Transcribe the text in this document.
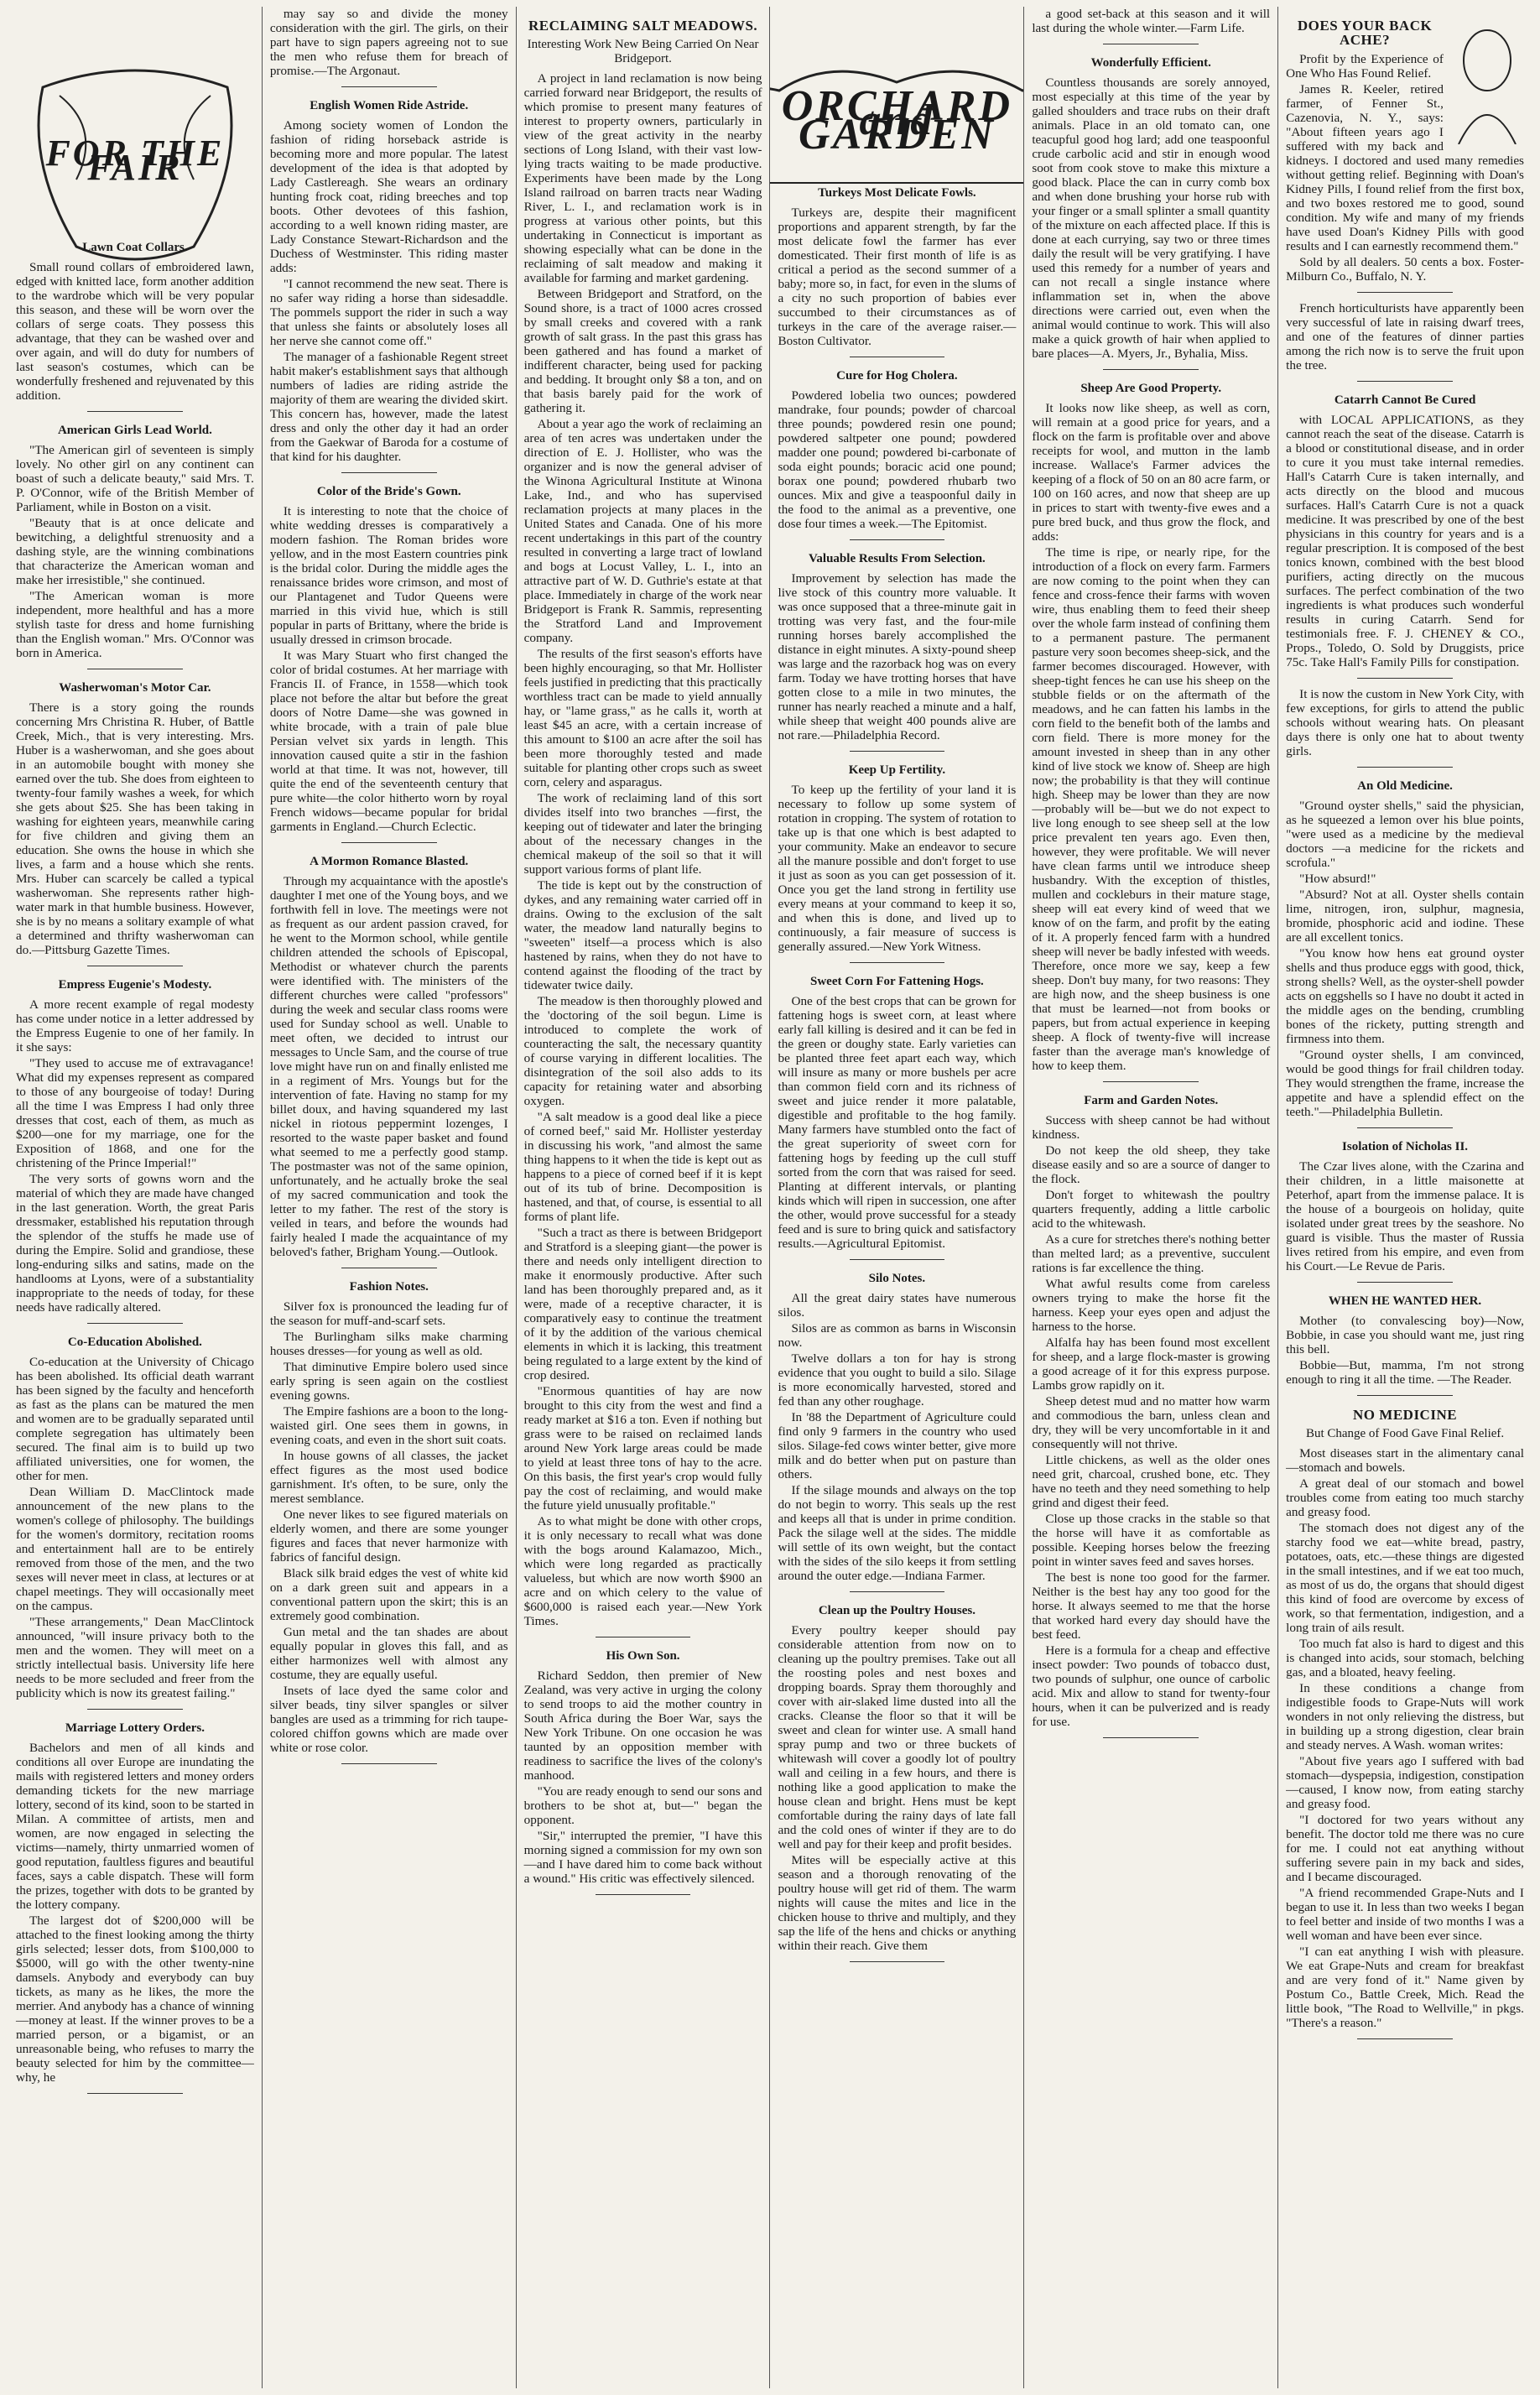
FOR THE FAIR
Lawn Coat Collars.

Small round collars of embroidered lawn, edged with knitted lace, form another addition to the wardrobe which will be very popular this season, and these will be worn over the collars of serge coats. They possess this advantage, that they can be washed over and over again, and will do duty for numbers of last season's costumes, which can be wonderfully freshened and rejuvenated by this addition.

American Girls Lead World.

"The American girl of seventeen is simply lovely. No other girl on any continent can boast of such a delicate beauty," said Mrs. T. P. O'Connor, wife of the British Member of Parliament, while in Boston on a visit.

"Beauty that is at once delicate and bewitching, a delightful strenuosity and a dashing style, are the winning combinations that characterize the American woman and make her irresistible," she continued.

"The American woman is more independent, more healthful and has a more stylish taste for dress and home furnishing than the English woman." Mrs. O'Connor was born in America.

Washerwoman's Motor Car.

There is a story going the rounds concerning Mrs Christina R. Huber, of Battle Creek, Mich., that is very interesting. Mrs. Huber is a washerwoman, and she goes about in an automobile bought with money she earned over the tub. She does from eighteen to twenty-four family washes a week, for which she gets about $25. She has been taking in washing for eighteen years, meanwhile caring for five children and giving them an education. She owns the house in which she lives, a farm and a house which she rents. Mrs. Huber can scarcely be called a typical washerwoman. She represents rather high-water mark in that humble business. However, she is by no means a solitary example of what a determined and thrifty washerwoman can do.—Pittsburg Gazette Times.

Empress Eugenie's Modesty.

A more recent example of regal modesty has come under notice in a letter addressed by the Empress Eugenie to one of her family. In it she says:

"They used to accuse me of extravagance! What did my expenses represent as compared to those of any bourgeoise of today! During all the time I was Empress I had only three dresses that cost, each of them, as much as $200—one for my marriage, one for the Exposition of 1868, and one for the christening of the Prince Imperial!"

The very sorts of gowns worn and the material of which they are made have changed in the last generation. Worth, the great Paris dressmaker, established his reputation through the splendor of the stuffs he made use of during the Empire. Solid and grandiose, these long-enduring silks and satins, made on the handlooms at Lyons, were of a substantiality inappropriate to the needs of today, for these needs have radically altered.

Co-Education Abolished.

Co-education at the University of Chicago has been abolished. Its official death warrant has been signed by the faculty and henceforth as fast as the plans can be matured the men and women are to be gradually separated until complete segregation has ultimately been secured. The final aim is to build up two affiliated universities, one for women, the other for men.

Dean William D. MacClintock made announcement of the new plans to the women's college of philosophy. The buildings for the women's dormitory, recitation rooms and entertainment hall are to be entirely removed from those of the men, and the two sexes will never meet in class, at lectures or at chapel meetings. They will occasionally meet on the campus.

"These arrangements," Dean MacClintock announced, "will insure privacy both to the men and the women. They will meet on a strictly intellectual basis. University life here needs to be more secluded and freer from the publicity which is now its greatest failing."

Marriage Lottery Orders.

Bachelors and men of all kinds and conditions all over Europe are inundating the mails with registered letters and money orders demanding tickets for the new marriage lottery, second of its kind, soon to be started in Milan. A committee of artists, men and women, are now engaged in selecting the victims—namely, thirty unmarried women of good reputation, faultless figures and beautiful faces, says a cable dispatch. These will form the prizes, together with dots to be granted by the lottery company.

The largest dot of $200,000 will be attached to the finest looking among the thirty girls selected; lesser dots, from $100,000 to $5000, will go with the other twenty-nine damsels. Anybody and everybody can buy tickets, as many as he likes, the more the merrier. And anybody has a chance of winning—money at least. If the winner proves to be a married person, or a bigamist, or an unreasonable being, who refuses to marry the beauty selected for him by the committee—why, he

may say so and divide the money consideration with the girl. The girls, on their part have to sign papers agreeing not to sue the men who refuse them for breach of promise.—The Argonaut.

English Women Ride Astride.

Among society women of London the fashion of riding horseback astride is becoming more and more popular. The latest development of the idea is that adopted by Lady Castlereagh. She wears an ordinary hunting frock coat, riding breeches and top boots. Other devotees of this fashion, according to a well known riding master, are Lady Constance Stewart-Richardson and the Duchess of Westminster. This riding master adds:

"I cannot recommend the new seat. There is no safer way riding a horse than sidesaddle. The pommels support the rider in such a way that unless she faints or absolutely loses all her nerve she cannot come off."

The manager of a fashionable Regent street habit maker's establishment says that although numbers of ladies are riding astride the majority of them are wearing the divided skirt. This concern has, however, made the latest dress and only the other day it had an order from the Gaekwar of Baroda for a costume of that kind for his daughter.

Color of the Bride's Gown.

It is interesting to note that the choice of white wedding dresses is comparatively a modern fashion. The Roman brides wore yellow, and in the most Eastern countries pink is the bridal color. During the middle ages the renaissance brides wore crimson, and most of our Plantagenet and Tudor Queens were married in this vivid hue, which is still popular in parts of Brittany, where the bride is usually dressed in crimson brocade.

It was Mary Stuart who first changed the color of bridal costumes. At her marriage with Francis II. of France, in 1558—which took place not before the altar but before the great doors of Notre Dame—she was gowned in white brocade, with a train of pale blue Persian velvet six yards in length. This innovation caused quite a stir in the fashion world at that time. It was not, however, till quite the end of the seventeenth century that pure white—the color hitherto worn by royal French widows—became popular for bridal garments in England.—Church Eclectic.

A Mormon Romance Blasted.

Through my acquaintance with the apostle's daughter I met one of the Young boys, and we forthwith fell in love. The meetings were not as frequent as our ardent passion craved, for he went to the Mormon school, while gentile children attended the schools of Episcopal, Methodist or whatever church the parents were identified with. The ministers of the different churches were called "professors" during the week and secular class rooms were used for Sunday school as well. Unable to meet often, we decided to intrust our messages to Uncle Sam, and the course of true love might have run on and finally enlisted me in a regiment of Mrs. Youngs but for the intervention of fate. Having no stamp for my billet doux, and having squandered my last nickel in riotous peppermint lozenges, I resorted to the waste paper basket and found what seemed to me a perfectly good stamp. The postmaster was not of the same opinion, unfortunately, and he actually broke the seal of my sacred communication and took the letter to my father. The rest of the story is veiled in tears, and before the wounds had fairly healed I made the acquaintance of my beloved's father, Brigham Young.—Outlook.

Fashion Notes.

Silver fox is pronounced the leading fur of the season for muff-and-scarf sets.

The Burlingham silks make charming houses dresses—for young as well as old.

That diminutive Empire bolero used since early spring is seen again on the costliest evening gowns.

The Empire fashions are a boon to the long-waisted girl. One sees them in gowns, in evening coats, and even in the short suit coats.

In house gowns of all classes, the jacket effect figures as the most used bodice garnishment. It's often, to be sure, only the merest semblance.

One never likes to see figured materials on elderly women, and there are some younger figures and faces that never harmonize with fabrics of fanciful design.

Black silk braid edges the vest of white kid on a dark green suit and appears in a conventional pattern upon the skirt; this is an extremely good combination.

Gun metal and the tan shades are about equally popular in gloves this fall, and as either harmonizes well with almost any costume, they are equally useful.

Insets of lace dyed the same color and silver beads, tiny silver spangles or silver bangles are used as a trimming for rich taupe-colored chiffon gowns which are made over white or rose color.

RECLAIMING SALT MEADOWS.
Interesting Work New Being Carried On Near Bridgeport.

A project in land reclamation is now being carried forward near Bridgeport, the results of which promise to present many features of interest to property owners, particularly in view of the great activity in the nearby sections of Long Island, with their vast low-lying tracts waiting to be made productive. Experiments have been made by the Long Island railroad on barren tracts near Wading River, L. I., and reclamation work is in progress at various other points, but this undertaking in Connecticut is important as showing especially what can be done in the reclaiming of salt meadow and making it available for farming and market gardening.

Between Bridgeport and Stratford, on the Sound shore, is a tract of 1000 acres crossed by small creeks and covered with a rank growth of salt grass. In the past this grass has been gathered and has found a market of indifferent character, being used for packing and bedding. It brought only $8 a ton, and on that basis barely paid for the work of gathering it.

About a year ago the work of reclaiming an area of ten acres was undertaken under the direction of E. J. Hollister, who was the organizer and is now the general adviser of the Winona Agricultural Institute at Winona Lake, Ind., and who has supervised reclamation projects at many places in the United States and Canada. One of his more recent undertakings in this part of the country resulted in converting a large tract of lowland and bogs at Locust Valley, L. I., into an attractive part of W. D. Guthrie's estate at that place. Immediately in charge of the work near Bridgeport is Frank R. Sammis, representing the Stratford Land and Improvement company.

The results of the first season's efforts have been highly encouraging, so that Mr. Hollister feels justified in predicting that this practically worthless tract can be made to yield annually hay, or "lame grass," as he calls it, worth at least $45 an acre, with a certain increase of this amount to $100 an acre after the soil has been more thoroughly tested and made suitable for planting other crops such as sweet corn, celery and asparagus.

The work of reclaiming land of this sort divides itself into two branches —first, the keeping out of tidewater and later the bringing about of the necessary changes in the chemical makeup of the soil so that it will support various forms of plant life.

The tide is kept out by the construction of dykes, and any remaining water carried off in drains. Owing to the exclusion of the salt water, the meadow land naturally begins to "sweeten" itself—a process which is also hastened by rains, when they do not have to contend against the flooding of the tract by tidewater twice daily.

The meadow is then thoroughly plowed and the 'doctoring of the soil begun. Lime is introduced to complete the work of counteracting the salt, the necessary quantity of course varying in different localities. The disintegration of the soil also adds to its capacity for retaining water and absorbing oxygen.

"A salt meadow is a good deal like a piece of corned beef," said Mr. Hollister yesterday in discussing his work, "and almost the same thing happens to it when the tide is kept out as happens to a piece of corned beef if it is kept out of its tub of brine. Decomposition is hastened, and that, of course, is essential to all forms of plant life.

"Such a tract as there is between Bridgeport and Stratford is a sleeping giant—the power is there and needs only intelligent direction to make it enormously productive. After such land has been thoroughly prepared and, as it were, made of a receptive character, it is comparatively easy to continue the treatment of it by the addition of the various chemical elements in which it is lacking, this treatment being regulated to a large extent by the kind of crop desired.

"Enormous quantities of hay are now brought to this city from the west and find a ready market at $16 a ton. Even if nothing but grass were to be raised on reclaimed lands around New York large areas could be made to yield at least three tons of hay to the acre. On this basis, the first year's crop would fully pay the cost of reclaiming, and would make the future yield unusually profitable."

As to what might be done with other crops, it is only necessary to recall what was done with the bogs around Kalamazoo, Mich., which were long regarded as practically valueless, but which are now worth $900 an acre and on which celery to the value of $600,000 is raised each year.—New York Times.

His Own Son.

Richard Seddon, then premier of New Zealand, was very active in urging the colony to send troops to aid the mother country in South Africa during the Boer War, says the New York Tribune. On one occasion he was taunted by an opposition member with readiness to sacrifice the lives of the colony's manhood.

"You are ready enough to send our sons and brothers to be shot at, but—" began the opponent.

"Sir," interrupted the premier, "I have this morning signed a commission for my own son—and I have dared him to come back without a wound." His critic was effectively silenced.

ORCHARD and GARDEN
Turkeys Most Delicate Fowls.

Turkeys are, despite their magnificent proportions and apparent strength, by far the most delicate fowl the farmer has ever domesticated. Their first month of life is as critical a period as the second summer of a baby; more so, in fact, for even in the slums of a city no such proportion of babies ever succumbed to their circumstances as of turkeys in the care of the average raiser.—Boston Cultivator.

Cure for Hog Cholera.

Powdered lobelia two ounces; powdered mandrake, four pounds; powder of charcoal three pounds; powdered resin one pound; powdered saltpeter one pound; powdered madder one pound; powdered bi-carbonate of soda eight pounds; boracic acid one pound; borax one pound; powdered rhubarb two ounces. Mix and give a teaspoonful daily in the food to the animal as a preventive, one dose four times a week.—The Epitomist.

Valuable Results From Selection.

Improvement by selection has made the live stock of this country more valuable. It was once supposed that a three-minute gait in trotting was very fast, and the four-mile running horses barely accomplished the distance in eight minutes. A sixty-pound sheep was large and the razorback hog was on every farm. Today we have trotting horses that have gotten close to a mile in two minutes, the runner has nearly reached a minute and a half, while sheep that weight 400 pounds alive are not rare.—Philadelphia Record.

Keep Up Fertility.

To keep up the fertility of your land it is necessary to follow up some system of rotation in cropping. The system of rotation to take up is that one which is best adapted to your community. Make an endeavor to secure all the manure possible and don't forget to use it just as soon as you can get possession of it. Once you get the land strong in fertility use every means at your command to keep it so, and when this is done, and lived up to continuously, a fair measure of success is generally assured.—New York Witness.

Sweet Corn For Fattening Hogs.

One of the best crops that can be grown for fattening hogs is sweet corn, at least where early fall killing is desired and it can be fed in the green or doughy state. Early varieties can be planted three feet apart each way, which will insure as many or more bushels per acre than common field corn and its richness of sweet and juice render it more palatable, digestible and profitable to the hog family. Many farmers have stumbled onto the fact of the great superiority of sweet corn for fattening hogs by feeding up the cull stuff sorted from the corn that was raised for seed. Planting at different intervals, or planting kinds which will ripen in succession, one after the other, would prove successful for a steady feed and is sure to bring quick and satisfactory results.—Agricultural Epitomist.

Silo Notes.

All the great dairy states have numerous silos.

Silos are as common as barns in Wisconsin now.

Twelve dollars a ton for hay is strong evidence that you ought to build a silo. Silage is more economically harvested, stored and fed than any other roughage.

In '88 the Department of Agriculture could find only 9 farmers in the country who used silos. Silage-fed cows winter better, give more milk and do better when put on pasture than others.

If the silage mounds and always on the top do not begin to worry. This seals up the rest and keeps all that is under in prime condition. Pack the silage well at the sides. The middle will settle of its own weight, but the contact with the sides of the silo keeps it from settling around the outer edge.—Indiana Farmer.

Clean up the Poultry Houses.

Every poultry keeper should pay considerable attention from now on to cleaning up the poultry premises. Take out all the roosting poles and nest boxes and dropping boards. Spray them thoroughly and cover with air-slaked lime dusted into all the cracks. Cleanse the floor so that it will be sweet and clean for winter use. A small hand spray pump and two or three buckets of whitewash will cover a goodly lot of poultry wall and ceiling in a few hours, and there is nothing like a good application to make the house clean and bright. Hens must be kept comfortable during the rainy days of late fall and the cold ones of winter if they are to do well and pay for their keep and profit besides.

Mites will be especially active at this season and a thorough renovating of the poultry house will get rid of them. The warm nights will cause the mites and lice in the chicken house to thrive and multiply, and they sap the life of the hens and chicks or anything within their reach. Give them

a good set-back at this season and it will last during the whole winter.—Farm Life.

Wonderfully Efficient.

Countless thousands are sorely annoyed, most especially at this time of the year by galled shoulders and trace rubs on their draft animals. Place in an old tomato can, one teacupful good hog lard; add one teaspoonful crude carbolic acid and stir in enough wood soot from cook stove to make this mixture a good black. Place the can in curry comb box and when done brushing your horse rub with your finger or a small splinter a small quantity of the mixture on each affected place. If this is done at each currying, say two or three times daily the result will be very gratifying. I have used this remedy for a number of years and can not recall a single instance where inflammation set in, when the above directions were carried out, even when the animal would continue to work. This will also make a quick growth of hair when applied to bare places—A. Myers, Jr., Byhalia, Miss.

Sheep Are Good Property.

It looks now like sheep, as well as corn, will remain at a good price for years, and a flock on the farm is profitable over and above receipts for wool, and mutton in the lamb increase. Wallace's Farmer advices the keeping of a flock of 50 on an 80 acre farm, or 100 on 160 acres, and now that sheep are up in prices to start with twenty-five ewes and a pure bred buck, and thus grow the flock, and adds:

The time is ripe, or nearly ripe, for the introduction of a flock on every farm. Farmers are now coming to the point when they can fence and cross-fence their farms with woven wire, thus enabling them to feed their sheep over the whole farm instead of confining them to a permanent pasture. The permanent pasture very soon becomes sheep-sick, and the farmer becomes discouraged. However, with sheep-tight fences he can use his sheep on the stubble fields or on the aftermath of the meadows, and he can fatten his lambs in the corn field to the benefit both of the lambs and corn field. There is more money for the amount invested in sheep than in any other kind of live stock we know of. Sheep are high now; the probability is that they will continue high. Sheep may be lower than they are now—probably will be—but we do not expect to live long enough to see sheep sell at the low price prevalent ten years ago. Even then, however, they were profitable. We will never have clean farms until we introduce sheep husbandry. With the exception of thistles, mullen and cockleburs in their mature stage, sheep will eat every kind of weed that we know of on the farm, and profit by the eating of it. A properly fenced farm with a hundred sheep will never be badly infested with weeds. Therefore, once more we say, keep a few sheep. Don't buy many, for two reasons: They are high now, and the sheep business is one that must be learned—not from books or papers, but from actual experience in keeping sheep. A flock of twenty-five will increase faster than the average man's knowledge of how to keep them.

Farm and Garden Notes.

Success with sheep cannot be had without kindness.

Do not keep the old sheep, they take disease easily and so are a source of danger to the flock.

Don't forget to whitewash the poultry quarters frequently, adding a little carbolic acid to the whitewash.

As a cure for stretches there's nothing better than melted lard; as a preventive, succulent rations is far excellence the thing.

What awful results come from careless owners trying to make the horse fit the harness. Keep your eyes open and adjust the harness to the horse.

Alfalfa hay has been found most excellent for sheep, and a large flock-master is growing a good acreage of it for this express purpose. Lambs grow rapidly on it.

Sheep detest mud and no matter how warm and commodious the barn, unless clean and dry, they will be very uncomfortable in it and consequently will not thrive.

Little chickens, as well as the older ones need grit, charcoal, crushed bone, etc. They have no teeth and they need something to help grind and digest their feed.

Close up those cracks in the stable so that the horse will have it as comfortable as possible. Keeping horses below the freezing point in winter saves feed and saves horses.

The best is none too good for the farmer. Neither is the best hay any too good for the horse. It always seemed to me that the horse that worked hard every day should have the best feed.

Here is a formula for a cheap and effective insect powder: Two pounds of tobacco dust, two pounds of sulphur, one ounce of carbolic acid. Mix and allow to stand for twenty-four hours, when it can be pulverized and is ready for use.

DOES YOUR BACK ACHE?

Profit by the Experience of One Who Has Found Relief.

James R. Keeler, retired farmer, of Fenner St., Cazenovia, N. Y., says: "About fifteen years ago I suffered with my back and kidneys. I doctored and used many remedies without getting relief. Beginning with Doan's Kidney Pills, I found relief from the first box, and two boxes restored me to good, sound condition. My wife and many of my friends have used Doan's Kidney Pills with good results and I can earnestly recommend them."

Sold by all dealers. 50 cents a box. Foster-Milburn Co., Buffalo, N. Y.

French horticulturists have apparently been very successful of late in raising dwarf trees, and one of the features of dinner parties among the rich now is to serve the fruit upon the tree.

Catarrh Cannot Be Cured

with LOCAL APPLICATIONS, as they cannot reach the seat of the disease. Catarrh is a blood or constitutional disease, and in order to cure it you must take internal remedies. Hall's Catarrh Cure is taken internally, and acts directly on the blood and mucous surfaces. Hall's Catarrh Cure is not a quack medicine. It was prescribed by one of the best physicians in this country for years and is a regular prescription. It is composed of the best tonics known, combined with the best blood purifiers, acting directly on the mucous surfaces. The perfect combination of the two ingredients is what produces such wonderful results in curing Catarrh. Send for testimonials free. F. J. CHENEY & CO., Props., Toledo, O. Sold by Druggists, price 75c. Take Hall's Family Pills for constipation.

It is now the custom in New York City, with few exceptions, for girls to attend the public schools without wearing hats. On pleasant days there is only one hat to about twenty girls.

An Old Medicine.

"Ground oyster shells," said the physician, as he squeezed a lemon over his blue points, "were used as a medicine by the medieval doctors —a medicine for the rickets and scrofula."

"How absurd!"

"Absurd? Not at all. Oyster shells contain lime, nitrogen, iron, sulphur, magnesia, bromide, phosphoric acid and iodine. These are all excellent tonics.

"You know how hens eat ground oyster shells and thus produce eggs with good, thick, strong shells? Well, as the oyster-shell powder acts on eggshells so I have no doubt it acted in the middle ages on the bending, crumbling bones of the rickety, putting strength and firmness into them.

"Ground oyster shells, I am convinced, would be good things for frail children today. They would strengthen the frame, increase the appetite and have a splendid effect on the teeth."—Philadelphia Bulletin.

Isolation of Nicholas II.

The Czar lives alone, with the Czarina and their children, in a little maisonette at Peterhof, apart from the immense palace. It is the house of a bourgeois on holiday, quite isolated under great trees by the seashore. No guard is visible. Thus the master of Russia lives retired from his empire, and even from his Court.—Le Revue de Paris.

WHEN HE WANTED HER.

Mother (to convalescing boy)—Now, Bobbie, in case you should want me, just ring this bell.

Bobbie—But, mamma, I'm not strong enough to ring it all the time. —The Reader.

NO MEDICINE
But Change of Food Gave Final Relief.

Most diseases start in the alimentary canal—stomach and bowels.

A great deal of our stomach and bowel troubles come from eating too much starchy and greasy food.

The stomach does not digest any of the starchy food we eat—white bread, pastry, potatoes, oats, etc.—these things are digested in the small intestines, and if we eat too much, as most of us do, the organs that should digest this kind of food are overcome by excess of work, so that fermentation, indigestion, and a long train of ails result.

Too much fat also is hard to digest and this is changed into acids, sour stomach, belching gas, and a bloated, heavy feeling.

In these conditions a change from indigestible foods to Grape-Nuts will work wonders in not only relieving the distress, but in building up a strong digestion, clear brain and steady nerves. A Wash. woman writes:

"About five years ago I suffered with bad stomach—dyspepsia, indigestion, constipation—caused, I know now, from eating starchy and greasy food.

"I doctored for two years without any benefit. The doctor told me there was no cure for me. I could not eat anything without suffering severe pain in my back and sides, and I became discouraged.

"A friend recommended Grape-Nuts and I began to use it. In less than two weeks I began to feel better and inside of two months I was a well woman and have been ever since.

"I can eat anything I wish with pleasure. We eat Grape-Nuts and cream for breakfast and are very fond of it." Name given by Postum Co., Battle Creek, Mich. Read the little book, "The Road to Wellville," in pkgs. "There's a reason."
